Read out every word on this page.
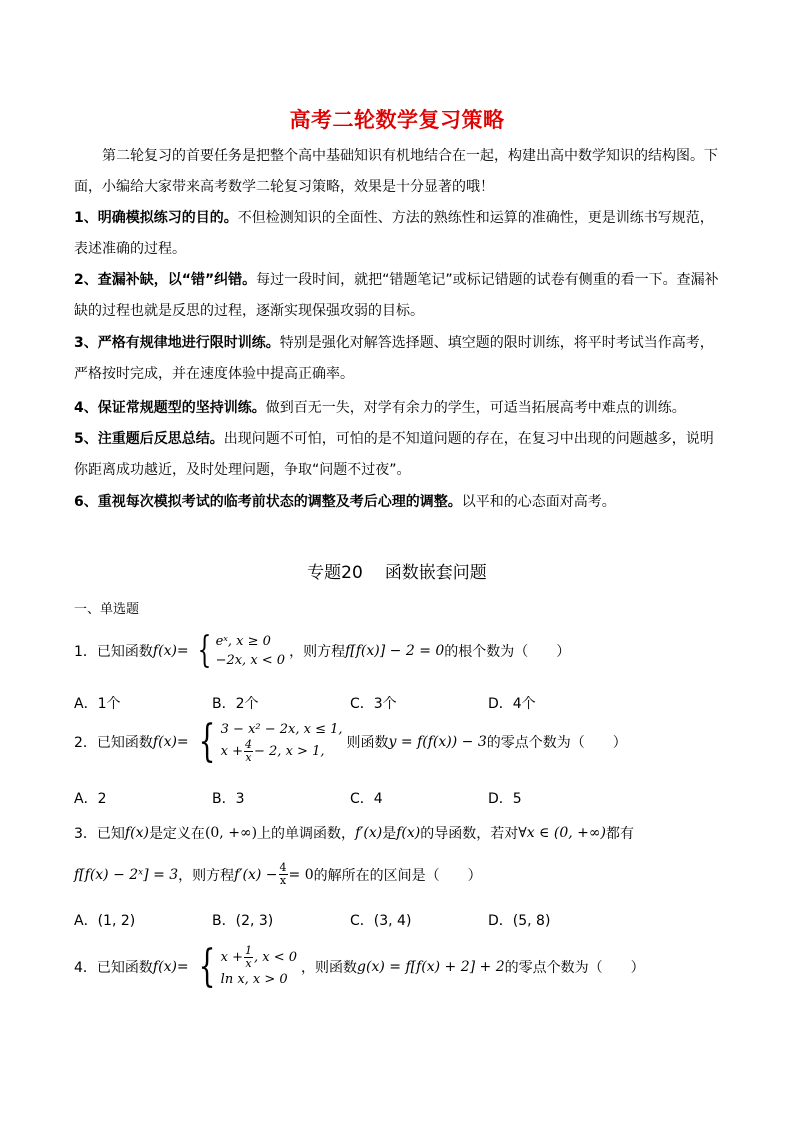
高考二轮数学复习策略
第二轮复习的首要任务是把整个高中基础知识有机地结合在一起，构建出高中数学知识的结构图。下面，小编给大家带来高考数学二轮复习策略，效果是十分显著的哦！
1、明确模拟练习的目的。不但检测知识的全面性、方法的熟练性和运算的准确性，更是训练书写规范，表述准确的过程。
2、查漏补缺，以“错”纠错。每过一段时间，就把“错题笔记”或标记错题的试卷有侧重的看一下。查漏补缺的过程也就是反思的过程，逐渐实现保强攻弱的目标。
3、严格有规律地进行限时训练。特别是强化对解答选择题、填空题的限时训练，将平时考试当作高考，严格按时完成，并在速度体验中提高正确率。
4、保证常规题型的坚持训练。做到百无一失，对学有余力的学生，可适当拓展高考中难点的训练。
5、注重题后反思总结。出现问题不可怕，可怕的是不知道问题的存在，在复习中出现的问题越多，说明你距离成功越近，及时处理问题，争取“问题不过夜”。
6、重视每次模拟考试的临考前状态的调整及考后心理的调整。以平和的心态面对高考。
专题20 函数嵌套问题
一、单选题
1．已知函数 f(x)= { eˣ, x ≥ 0
−2x, x < 0
，则方程 f[f(x)] − 2 = 0 的根个数为（　　）
A．1个	B．2个	C．3个	D．4个
2．已知函数 f(x)= { 3 − x² − 2x, x ≤ 1,
$x + \frac{4}{x} - 2$, x > 1,
则函数 y = f(f(x)) − 3 的零点个数为（　　）
A．2	B．3	C．4	D．5
3．已知 f(x) 是定义在 (0, +∞) 上的单调函数， f′(x) 是 f(x) 的导函数，若对 ∀x ∈ (0, +∞) 都有
f[f(x) − 2ˣ] = 3 ，则方程 $f'(x) - \frac{4}{x} = 0$ 的解所在的区间是（　　）
A．(1, 2)	B．(2, 3)	C．(3, 4)	D．(5, 8)
4．已知函数 f(x)= { $x + \frac{1}{x}$ , x < 0
ln x, x > 0
，则函数 g(x) = f[f(x) + 2] + 2 的零点个数为（　　）
